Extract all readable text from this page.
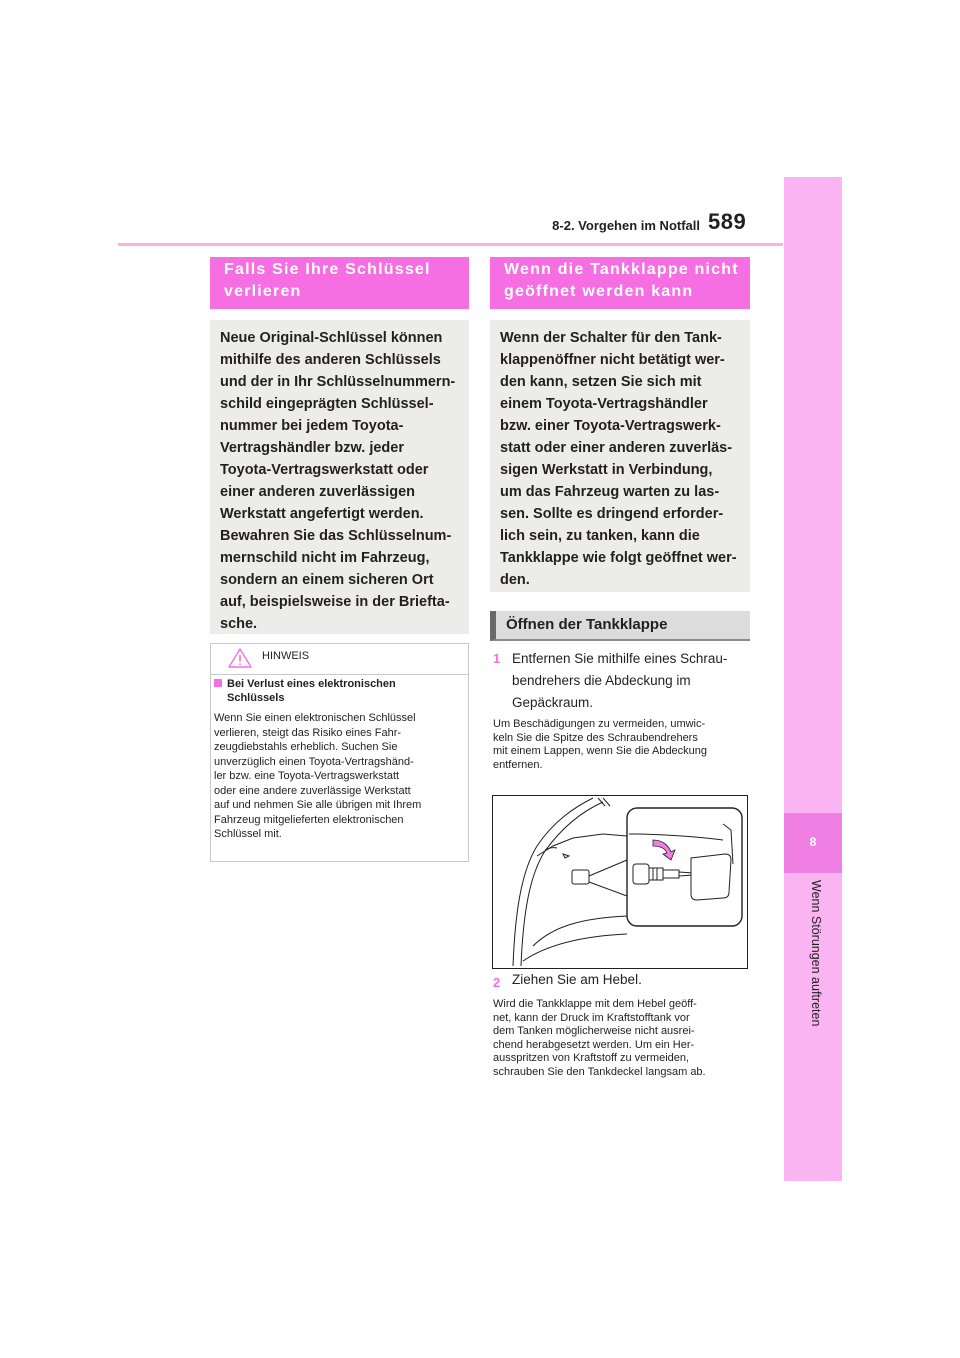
8-2. Vorgehen im Notfall 589
8
Wenn Störungen auftreten
Falls Sie Ihre Schlüssel
verlieren
Neue Original-Schlüssel können
mithilfe des anderen Schlüssels
und der in Ihr Schlüsselnummern-
schild eingeprägten Schlüssel-
nummer bei jedem Toyota-
Vertragshändler bzw. jeder
Toyota-Vertragswerkstatt oder
einer anderen zuverlässigen
Werkstatt angefertigt werden.
Bewahren Sie das Schlüsselnum-
mernschild nicht im Fahrzeug,
sondern an einem sicheren Ort
auf, beispielsweise in der Briefta-
sche.
HINWEIS
Bei Verlust eines elektronischen
Schlüssels
Wenn Sie einen elektronischen Schlüssel
verlieren, steigt das Risiko eines Fahr-
zeugdiebstahls erheblich. Suchen Sie
unverzüglich einen Toyota-Vertragshänd-
ler bzw. eine Toyota-Vertragswerkstatt
oder eine andere zuverlässige Werkstatt
auf und nehmen Sie alle übrigen mit Ihrem
Fahrzeug mitgelieferten elektronischen
Schlüssel mit.
Wenn die Tankklappe nicht
geöffnet werden kann
Wenn der Schalter für den Tank-
klappenöffner nicht betätigt wer-
den kann, setzen Sie sich mit
einem Toyota-Vertragshändler
bzw. einer Toyota-Vertragswerk-
statt oder einer anderen zuverläs-
sigen Werkstatt in Verbindung,
um das Fahrzeug warten zu las-
sen. Sollte es dringend erforder-
lich sein, zu tanken, kann die
Tankklappe wie folgt geöffnet wer-
den.
Öffnen der Tankklappe
1 Entfernen Sie mithilfe eines Schrau-
bendrehers die Abdeckung im
Gepäckraum.
Um Beschädigungen zu vermeiden, umwic-
keln Sie die Spitze des Schraubendrehers
mit einem Lappen, wenn Sie die Abdeckung
entfernen.
2 Ziehen Sie am Hebel.
Wird die Tankklappe mit dem Hebel geöff-
net, kann der Druck im Kraftstofftank vor
dem Tanken möglicherweise nicht ausrei-
chend herabgesetzt werden. Um ein Her-
ausspritzen von Kraftstoff zu vermeiden,
schrauben Sie den Tankdeckel langsam ab.
